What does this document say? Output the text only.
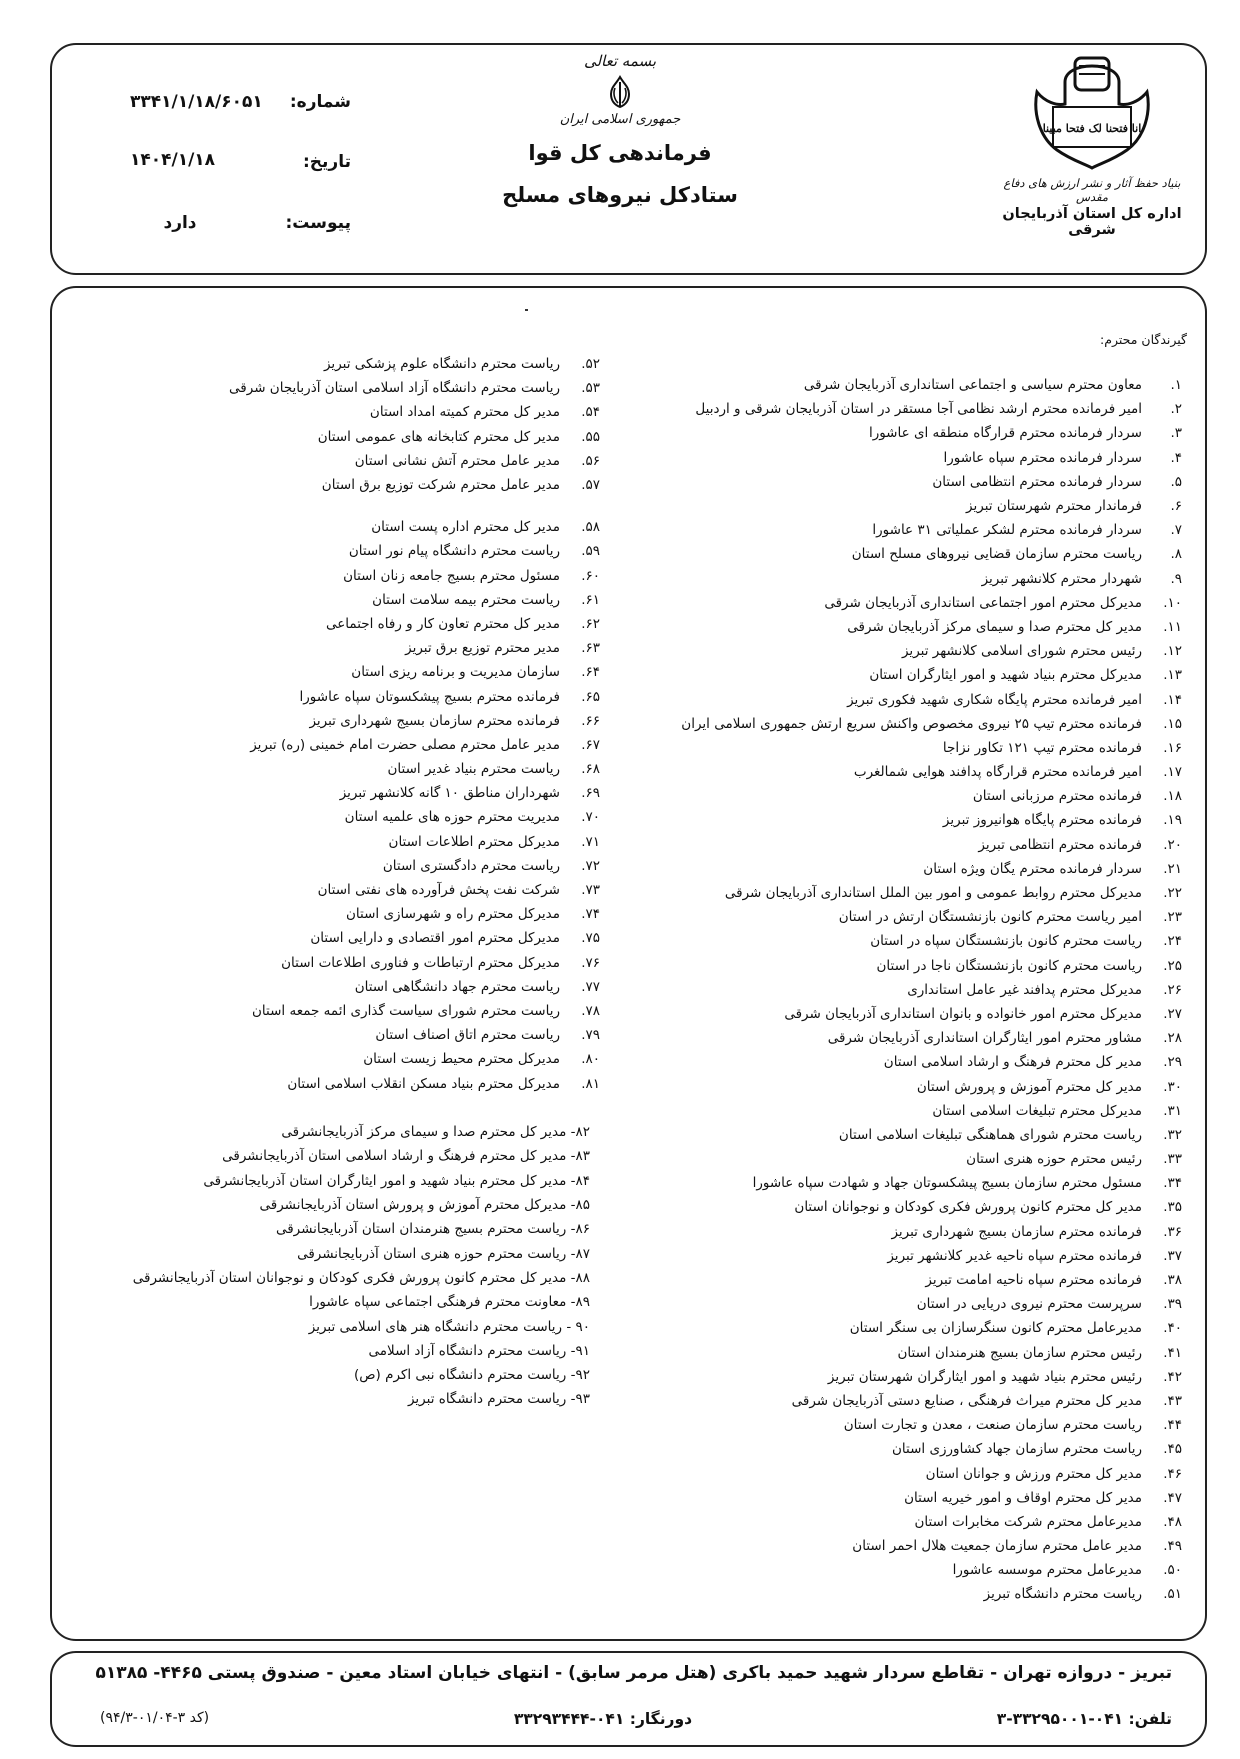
شماره:
۳۳۴۱/۱/۱۸/۶۰۵۱
تاریخ:
۱۴۰۴/۱/۱۸
پیوست:
دارد
بسمه تعالی
جمهوری اسلامی ایران
فرماندهی کل قوا
ستادکل نیروهای مسلح
انا فتحنا لک فتحا مبینا
بنیاد حفظ آثار و نشر ارزش های دفاع مقدس
اداره کل استان آذربایجان شرقی
گیرندگان محترم:
۱.
معاون محترم سیاسی و اجتماعی استانداری آذربایجان شرقی
۲.
امیر فرمانده محترم ارشد نظامی آجا مستقر در استان آذربایجان شرقی و اردبیل
۳.
سردار فرمانده محترم قرارگاه منطقه ای عاشورا
۴.
سردار فرمانده محترم سپاه عاشورا
۵.
سردار فرمانده محترم انتظامی استان
۶.
فرماندار محترم شهرستان تبریز
۷.
سردار فرمانده محترم لشکر عملیاتی ۳۱ عاشورا
۸.
ریاست محترم سازمان قضایی نیروهای مسلح استان
۹.
شهردار محترم کلانشهر تبریز
۱۰.
مدیرکل محترم امور اجتماعی استانداری آذربایجان شرقی
۱۱.
مدیر کل محترم صدا و سیمای مرکز آذربایجان شرقی
۱۲.
رئیس محترم شورای اسلامی کلانشهر تبریز
۱۳.
مدیرکل محترم بنیاد شهید و امور ایثارگران استان
۱۴.
امیر فرمانده محترم پایگاه شکاری شهید فکوری تبریز
۱۵.
فرمانده محترم تیپ ۲۵ نیروی مخصوص واکنش سریع ارتش جمهوری اسلامی ایران
۱۶.
فرمانده محترم تیپ ۱۲۱ تکاور نزاجا
۱۷.
امیر فرمانده محترم قرارگاه پدافند هوایی شمالغرب
۱۸.
فرمانده محترم مرزبانی استان
۱۹.
فرمانده محترم پایگاه هوانیروز تبریز
۲۰.
فرمانده محترم انتظامی تبریز
۲۱.
سردار فرمانده محترم یگان ویژه استان
۲۲.
مدیرکل محترم روابط عمومی و امور بین الملل استانداری آذربایجان شرقی
۲۳.
امیر ریاست محترم کانون بازنشستگان ارتش در استان
۲۴.
ریاست محترم کانون بازنشستگان سپاه در استان
۲۵.
ریاست محترم کانون بازنشستگان ناجا در استان
۲۶.
مدیرکل محترم پدافند غیر عامل استانداری
۲۷.
مدیرکل محترم امور خانواده و بانوان استانداری آذربایجان شرقی
۲۸.
مشاور محترم امور ایثارگران استانداری آذربایجان شرقی
۲۹.
مدیر کل محترم فرهنگ و ارشاد اسلامی استان
۳۰.
مدیر کل محترم آموزش و پرورش استان
۳۱.
مدیرکل محترم تبلیغات اسلامی استان
۳۲.
ریاست محترم شورای هماهنگی تبلیغات اسلامی استان
۳۳.
رئیس محترم حوزه هنری استان
۳۴.
مسئول محترم سازمان بسیج پیشکسوتان جهاد و شهادت سپاه عاشورا
۳۵.
مدیر کل محترم کانون پرورش فکری کودکان و نوجوانان استان
۳۶.
فرمانده محترم سازمان بسیج شهرداری تبریز
۳۷.
فرمانده محترم سپاه ناحیه غدیر کلانشهر تبریز
۳۸.
فرمانده محترم سپاه ناحیه امامت تبریز
۳۹.
سرپرست محترم نیروی دریایی در استان
۴۰.
مدیرعامل محترم کانون سنگرسازان بی سنگر استان
۴۱.
رئیس محترم سازمان بسیج هنرمندان استان
۴۲.
رئیس محترم بنیاد شهید و امور ایثارگران شهرستان تبریز
۴۳.
مدیر کل محترم میراث فرهنگی ، صنایع دستی آذربایجان شرقی
۴۴.
ریاست محترم سازمان صنعت ، معدن و تجارت استان
۴۵.
ریاست محترم سازمان جهاد کشاورزی استان
۴۶.
مدیر کل محترم ورزش و جوانان استان
۴۷.
مدیر کل محترم اوقاف و امور خیریه استان
۴۸.
مدیرعامل محترم شرکت مخابرات استان
۴۹.
مدیر عامل محترم سازمان جمعیت هلال احمر استان
۵۰.
مدیرعامل محترم موسسه عاشورا
۵۱.
ریاست محترم دانشگاه تبریز
۵۲.
ریاست محترم دانشگاه علوم پزشکی تبریز
۵۳.
ریاست محترم دانشگاه آزاد اسلامی استان آذربایجان شرقی
۵۴.
مدیر کل محترم کمیته امداد استان
۵۵.
مدیر کل محترم کتابخانه های عمومی استان
۵۶.
مدیر عامل محترم آتش نشانی استان
۵۷.
مدیر عامل محترم شرکت توزیع برق استان
۵۸.
مدیر کل محترم اداره پست استان
۵۹.
ریاست محترم دانشگاه پیام نور استان
۶۰.
مسئول محترم بسیج جامعه زنان استان
۶۱.
ریاست محترم بیمه سلامت استان
۶۲.
مدیر کل محترم تعاون کار و رفاه اجتماعی
۶۳.
مدیر محترم توزیع برق تبریز
۶۴.
سازمان مدیریت و برنامه ریزی استان
۶۵.
فرمانده محترم بسیج پیشکسوتان سپاه عاشورا
۶۶.
فرمانده محترم سازمان بسیج شهرداری تبریز
۶۷.
مدیر عامل محترم مصلی حضرت امام خمینی (ره) تبریز
۶۸.
ریاست محترم بنیاد غدیر استان
۶۹.
شهرداران مناطق ۱۰ گانه کلانشهر تبریز
۷۰.
مدیریت محترم حوزه های علمیه استان
۷۱.
مدیرکل محترم اطلاعات استان
۷۲.
ریاست محترم دادگستری استان
۷۳.
شرکت نفت پخش فرآورده های نفتی استان
۷۴.
مدیرکل محترم راه و شهرسازی استان
۷۵.
مدیرکل محترم امور اقتصادی و دارایی استان
۷۶.
مدیرکل محترم ارتباطات و فناوری اطلاعات استان
۷۷.
ریاست محترم جهاد دانشگاهی استان
۷۸.
ریاست محترم شورای سیاست گذاری ائمه جمعه استان
۷۹.
ریاست محترم اتاق اصناف استان
۸۰.
مدیرکل محترم محیط زیست استان
۸۱.
مدیرکل محترم بنیاد مسکن انقلاب اسلامی استان
۸۲- مدیر کل محترم صدا و سیمای مرکز آذربایجانشرقی
۸۳- مدیر کل محترم فرهنگ و ارشاد اسلامی استان آذربایجانشرقی
۸۴- مدیر کل محترم بنیاد شهید و امور ایثارگران استان آذربایجانشرقی
۸۵- مدیرکل محترم آموزش و پرورش استان آذربایجانشرقی
۸۶- ریاست محترم بسیج هنرمندان استان آذربایجانشرقی
۸۷- ریاست محترم حوزه هنری استان آذربایجانشرقی
۸۸- مدیر کل محترم کانون پرورش فکری کودکان و نوجوانان استان آذربایجانشرقی
۸۹- معاونت محترم فرهنگی اجتماعی سپاه عاشورا
۹۰ - ریاست محترم دانشگاه هنر های اسلامی تبریز
۹۱- ریاست محترم دانشگاه آزاد اسلامی
۹۲- ریاست محترم دانشگاه نبی اکرم (ص)
۹۳- ریاست محترم دانشگاه تبریز
تبریز - دروازه تهران - تقاطع سردار شهید حمید باکری (هتل مرمر سابق) - انتهای خیابان استاد معین - صندوق پستی ۴۴۶۵- ۵۱۳۸۵
تلفن: ۰۴۱-۳۳۲۹۵۰۰۱-۳
دورنگار: ۰۴۱-۳۳۲۹۳۴۴۴
(کد ۳-۰۱/۰۴-۹۴/۳)
